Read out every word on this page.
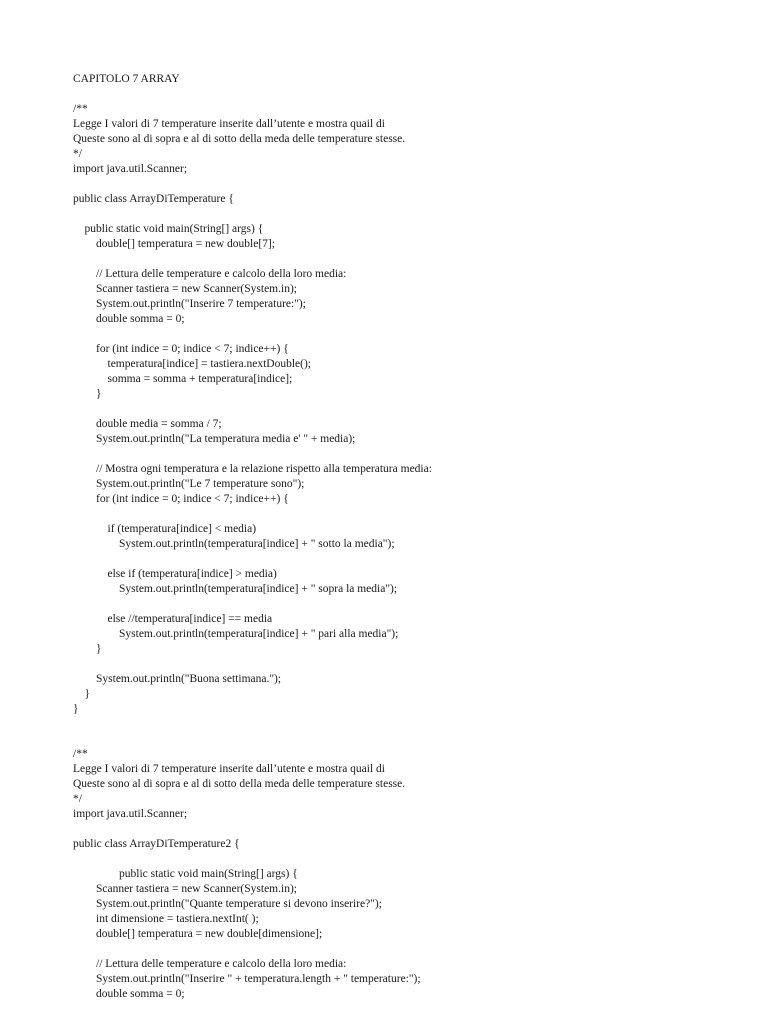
CAPITOLO 7 ARRAY
/**
Legge I valori di 7 temperature inserite dall’utente e mostra quail di
Queste sono al di sopra e al di sotto della meda delle temperature stesse.
*/
import java.util.Scanner;
public class ArrayDiTemperature {
public static void main(String[] args) {
double[] temperatura = new double[7];
// Lettura delle temperature e calcolo della loro media:
Scanner tastiera = new Scanner(System.in);
System.out.println("Inserire 7 temperature:");
double somma = 0;
for (int indice = 0; indice < 7; indice++) {
temperatura[indice] = tastiera.nextDouble();
somma = somma + temperatura[indice];
}
double media = somma / 7;
System.out.println("La temperatura media e' " + media);
// Mostra ogni temperatura e la relazione rispetto alla temperatura media:
System.out.println("Le 7 temperature sono");
for (int indice = 0; indice < 7; indice++) {
if (temperatura[indice] < media)
System.out.println(temperatura[indice] + " sotto la media");
else if (temperatura[indice] > media)
System.out.println(temperatura[indice] + " sopra la media");
else //temperatura[indice] == media
System.out.println(temperatura[indice] + " pari alla media");
}
System.out.println("Buona settimana.");
}
}
/**
Legge I valori di 7 temperature inserite dall’utente e mostra quail di
Queste sono al di sopra e al di sotto della meda delle temperature stesse.
*/
import java.util.Scanner;
public class ArrayDiTemperature2 {
public static void main(String[] args) {
Scanner tastiera = new Scanner(System.in);
System.out.println("Quante temperature si devono inserire?");
int dimensione = tastiera.nextInt( );
double[] temperatura = new double[dimensione];
// Lettura delle temperature e calcolo della loro media:
System.out.println("Inserire " + temperatura.length + " temperature:");
double somma = 0;
